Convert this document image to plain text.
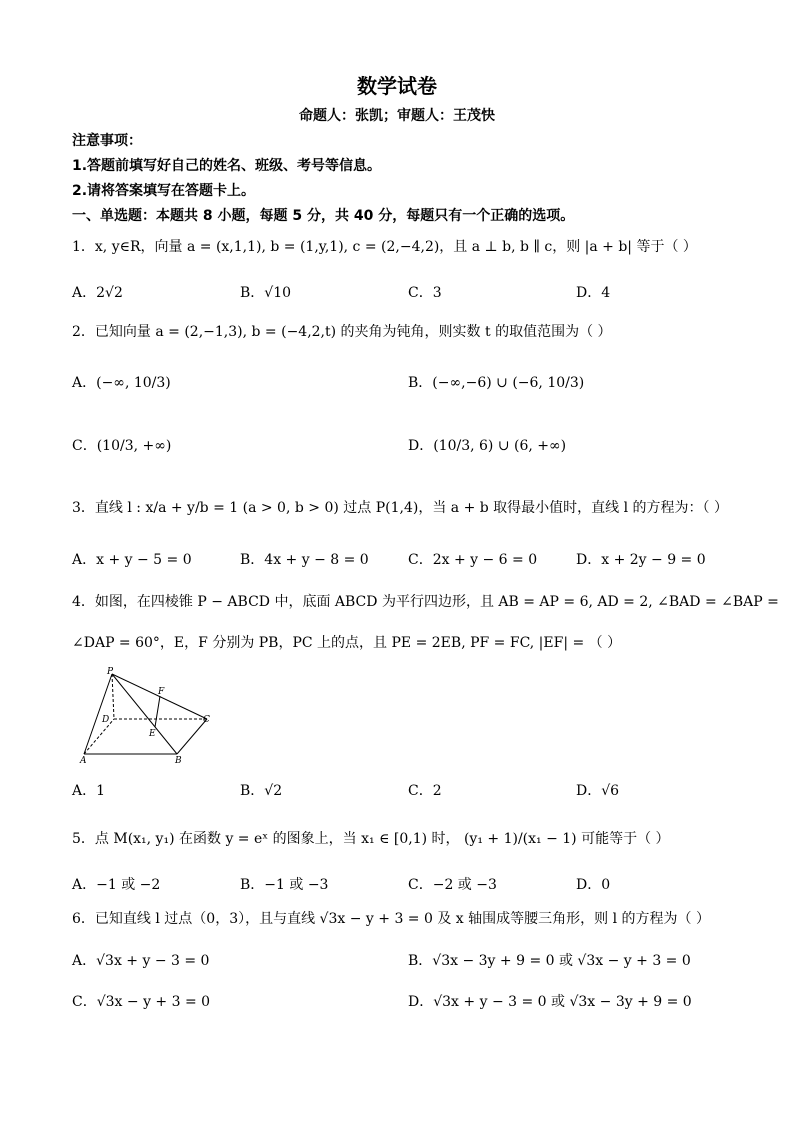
数学试卷
命题人：张凯；审题人：王茂快
注意事项：
1.答题前填写好自己的姓名、班级、考号等信息。
2.请将答案填写在答题卡上。
一、单选题：本题共 8 小题，每题 5 分，共 40 分，每题只有一个正确的选项。
1．x, y∈R，向量 a = (x,1,1), b = (1,y,1), c = (2,−4,2)，且 a ⊥ b, b ∥ c，则 |a + b| 等于（ ）
A．2√2	B．√10	C．3	D．4
2．已知向量 a = (2,−1,3), b = (−4,2,t) 的夹角为钝角，则实数 t 的取值范围为（ ）
A．(−∞, 10/3)	B．(−∞,−6) ∪ (−6, 10/3)
C．(10/3, +∞)	D．(10/3, 6) ∪ (6, +∞)
3．直线 l : x/a + y/b = 1 (a > 0, b > 0) 过点 P(1,4)，当 a + b 取得最小值时，直线 l 的方程为：（ ）
A．x + y − 5 = 0	B．4x + y − 8 = 0	C．2x + y − 6 = 0	D．x + 2y − 9 = 0
4．如图，在四棱锥 P − ABCD 中，底面 ABCD 为平行四边形，且 AB = AP = 6, AD = 2, ∠BAD = ∠BAP =
∠DAP = 60°，E，F 分别为 PB，PC 上的点，且 PE = 2EB, PF = FC, |EF| = （ ）
P
F
D	C
E
A	B
A．1	B．√2	C．2	D．√6
5．点 M(x₁, y₁) 在函数 y = eˣ 的图象上，当 x₁ ∈ [0,1) 时， (y₁ + 1)/(x₁ − 1) 可能等于（ ）
A．−1 或 −2	B．−1 或 −3	C．−2 或 −3	D．0
6．已知直线 l 过点（0，3），且与直线 √3x − y + 3 = 0 及 x 轴围成等腰三角形，则 l 的方程为（ ）
A．√3x + y − 3 = 0	B．√3x − 3y + 9 = 0 或 √3x − y + 3 = 0
C．√3x − y + 3 = 0	D．√3x + y − 3 = 0 或 √3x − 3y + 9 = 0
